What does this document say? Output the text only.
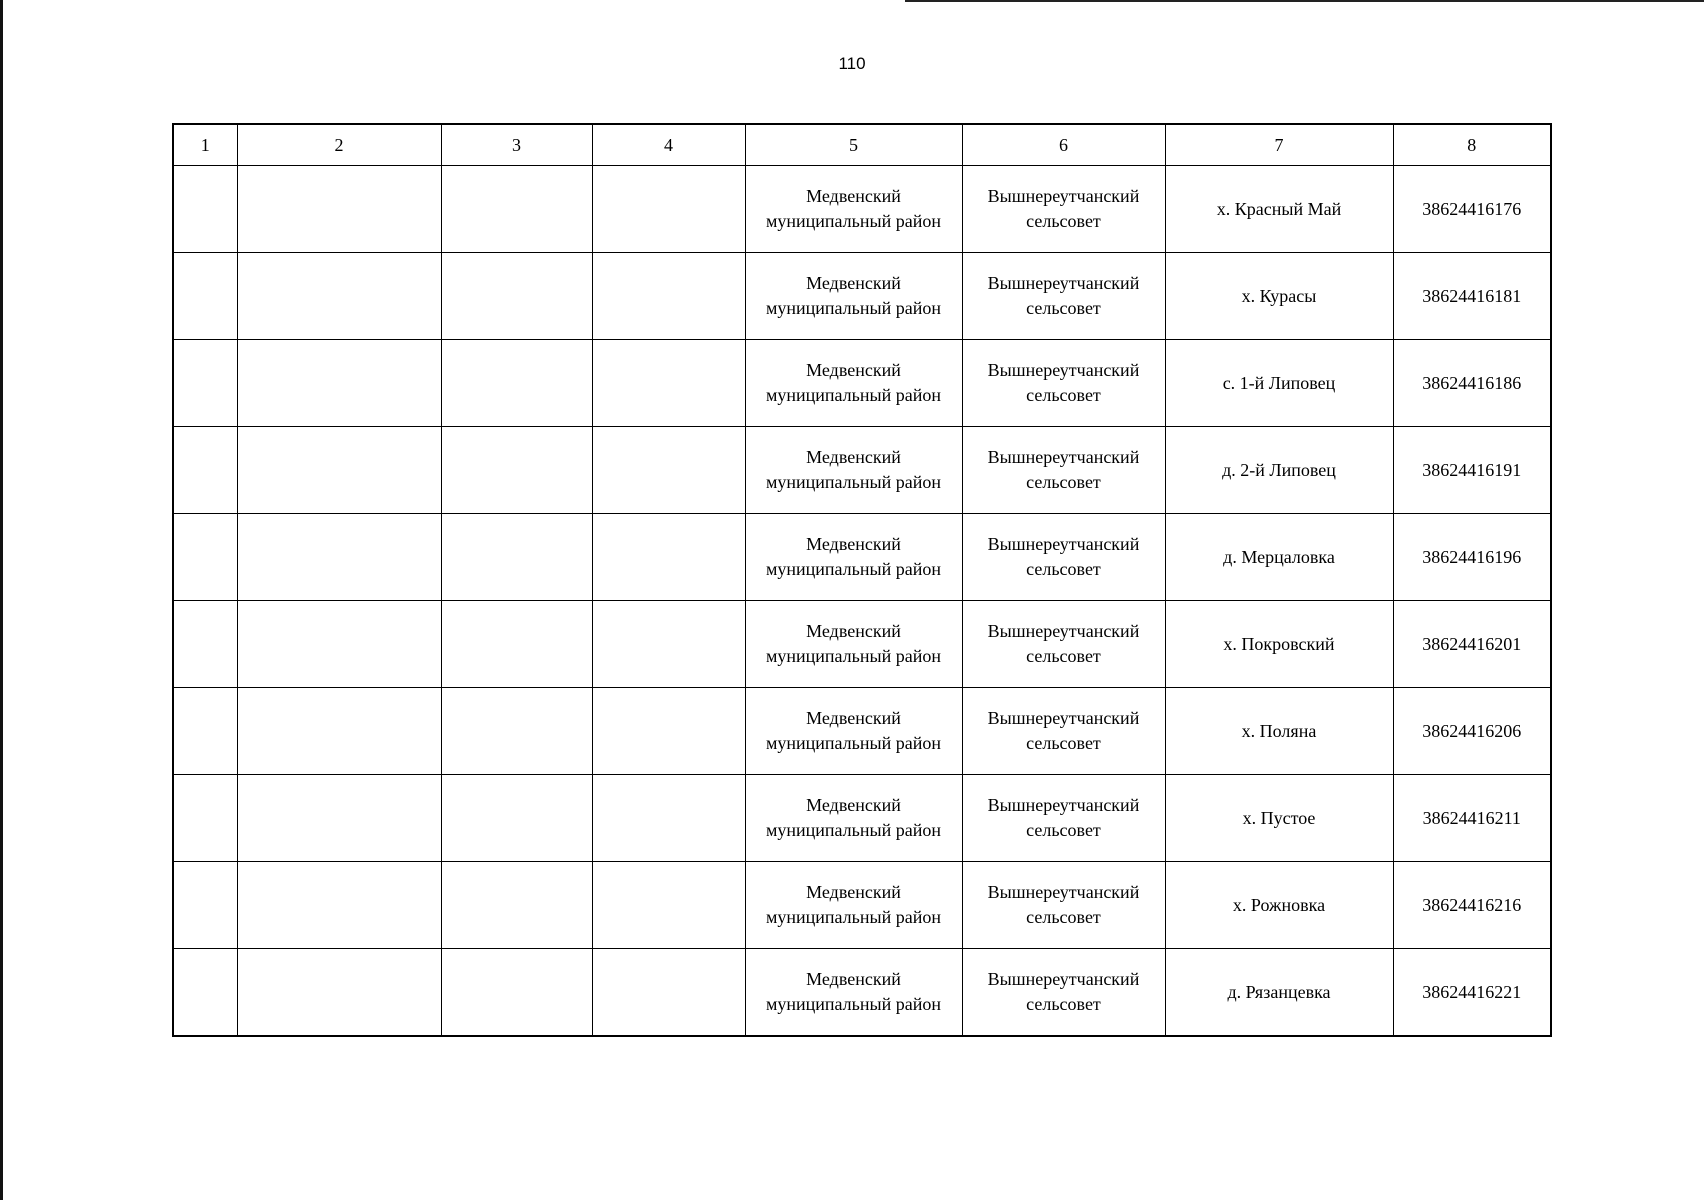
110
1	2	3	4	5	6	7	8

				Медвенский
муниципальный район	Вышнереутчанский
сельсовет	х. Красный Май	38624416176

				Медвенский
муниципальный район	Вышнереутчанский
сельсовет	х. Курасы	38624416181

				Медвенский
муниципальный район	Вышнереутчанский
сельсовет	с. 1-й Липовец	38624416186

				Медвенский
муниципальный район	Вышнереутчанский
сельсовет	д. 2-й Липовец	38624416191

				Медвенский
муниципальный район	Вышнереутчанский
сельсовет	д. Мерцаловка	38624416196

				Медвенский
муниципальный район	Вышнереутчанский
сельсовет	х. Покровский	38624416201

				Медвенский
муниципальный район	Вышнереутчанский
сельсовет	х. Поляна	38624416206

				Медвенский
муниципальный район	Вышнереутчанский
сельсовет	х. Пустое	38624416211

				Медвенский
муниципальный район	Вышнереутчанский
сельсовет	х. Рожновка	38624416216

				Медвенский
муниципальный район	Вышнереутчанский
сельсовет	д. Рязанцевка	38624416221
